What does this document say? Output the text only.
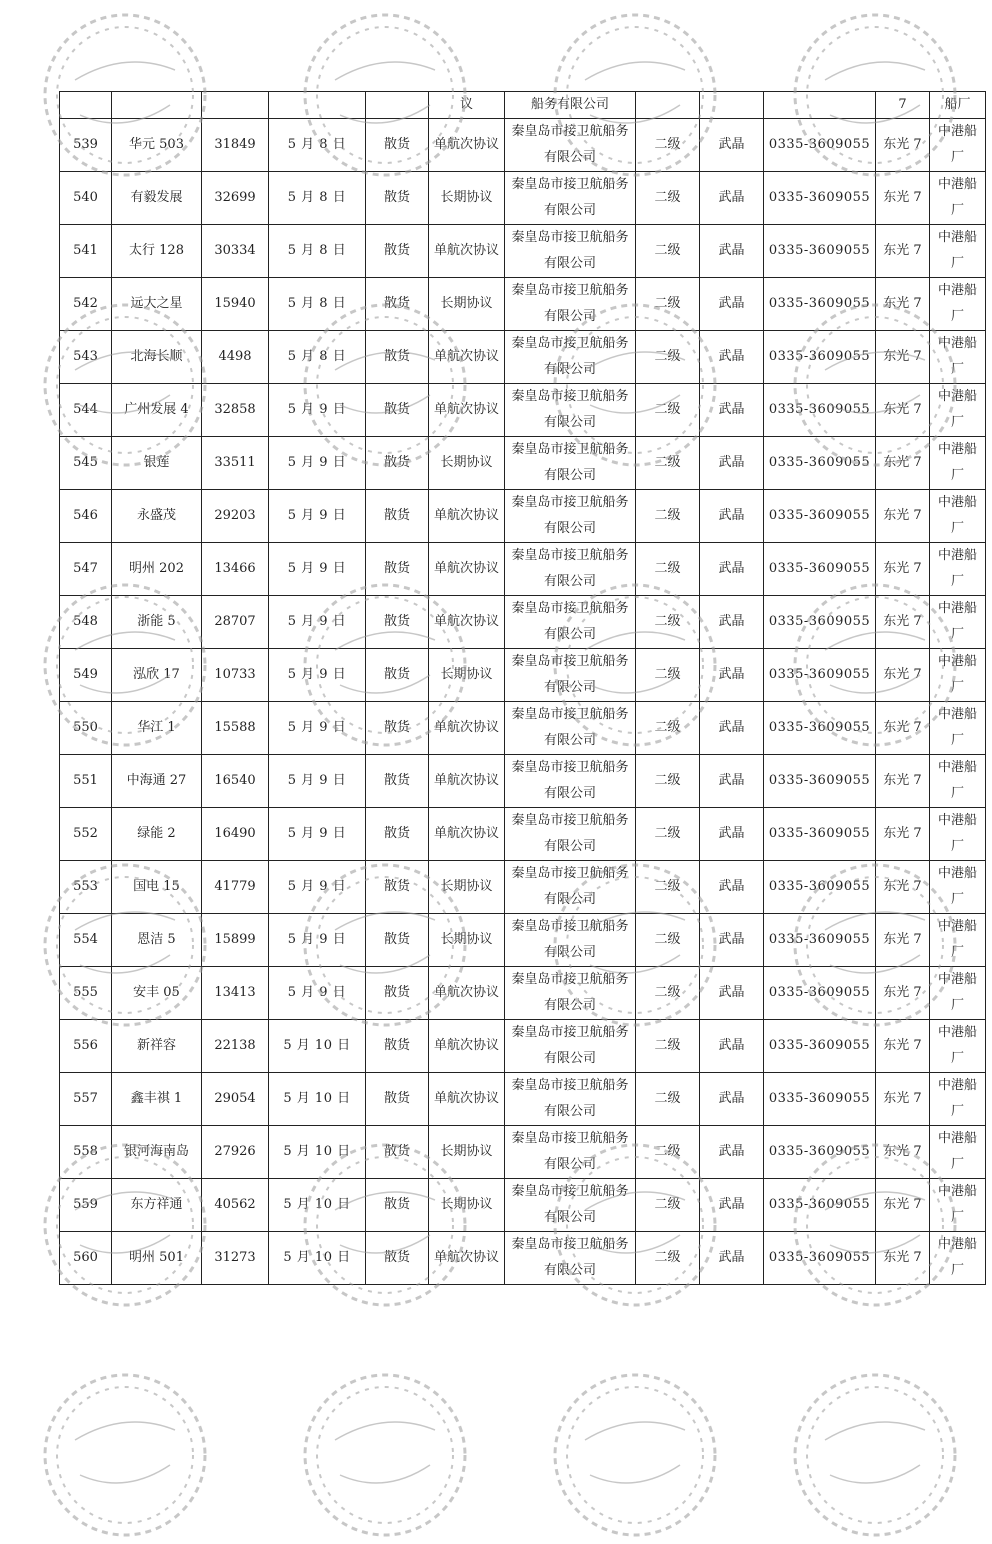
					议	船务有限公司				7	船厂
539	华元 503	31849	5 月 8 日	散货	单航次协议	秦皇岛市接卫航船务有限公司	二级	武晶	0335-3609055	东光 7	中港船厂
540	有毅发展	32699	5 月 8 日	散货	长期协议	秦皇岛市接卫航船务有限公司	二级	武晶	0335-3609055	东光 7	中港船厂
541	太行 128	30334	5 月 8 日	散货	单航次协议	秦皇岛市接卫航船务有限公司	二级	武晶	0335-3609055	东光 7	中港船厂
542	远大之星	15940	5 月 8 日	散货	长期协议	秦皇岛市接卫航船务有限公司	二级	武晶	0335-3609055	东光 7	中港船厂
543	北海长顺	4498	5 月 8 日	散货	单航次协议	秦皇岛市接卫航船务有限公司	二级	武晶	0335-3609055	东光 7	中港船厂
544	广州发展 4	32858	5 月 9 日	散货	单航次协议	秦皇岛市接卫航船务有限公司	二级	武晶	0335-3609055	东光 7	中港船厂
545	银莲	33511	5 月 9 日	散货	长期协议	秦皇岛市接卫航船务有限公司	二级	武晶	0335-3609055	东光 7	中港船厂
546	永盛茂	29203	5 月 9 日	散货	单航次协议	秦皇岛市接卫航船务有限公司	二级	武晶	0335-3609055	东光 7	中港船厂
547	明州 202	13466	5 月 9 日	散货	单航次协议	秦皇岛市接卫航船务有限公司	二级	武晶	0335-3609055	东光 7	中港船厂
548	浙能 5	28707	5 月 9 日	散货	单航次协议	秦皇岛市接卫航船务有限公司	二级	武晶	0335-3609055	东光 7	中港船厂
549	泓欣 17	10733	5 月 9 日	散货	长期协议	秦皇岛市接卫航船务有限公司	二级	武晶	0335-3609055	东光 7	中港船厂
550	华江 1	15588	5 月 9 日	散货	单航次协议	秦皇岛市接卫航船务有限公司	二级	武晶	0335-3609055	东光 7	中港船厂
551	中海通 27	16540	5 月 9 日	散货	单航次协议	秦皇岛市接卫航船务有限公司	二级	武晶	0335-3609055	东光 7	中港船厂
552	绿能 2	16490	5 月 9 日	散货	单航次协议	秦皇岛市接卫航船务有限公司	二级	武晶	0335-3609055	东光 7	中港船厂
553	国电 15	41779	5 月 9 日	散货	长期协议	秦皇岛市接卫航船务有限公司	二级	武晶	0335-3609055	东光 7	中港船厂
554	恩洁 5	15899	5 月 9 日	散货	长期协议	秦皇岛市接卫航船务有限公司	二级	武晶	0335-3609055	东光 7	中港船厂
555	安丰 05	13413	5 月 9 日	散货	单航次协议	秦皇岛市接卫航船务有限公司	二级	武晶	0335-3609055	东光 7	中港船厂
556	新祥容	22138	5 月 10 日	散货	单航次协议	秦皇岛市接卫航船务有限公司	二级	武晶	0335-3609055	东光 7	中港船厂
557	鑫丰祺 1	29054	5 月 10 日	散货	单航次协议	秦皇岛市接卫航船务有限公司	二级	武晶	0335-3609055	东光 7	中港船厂
558	银河海南岛	27926	5 月 10 日	散货	长期协议	秦皇岛市接卫航船务有限公司	二级	武晶	0335-3609055	东光 7	中港船厂
559	东方祥通	40562	5 月 10 日	散货	长期协议	秦皇岛市接卫航船务有限公司	二级	武晶	0335-3609055	东光 7	中港船厂
560	明州 501	31273	5 月 10 日	散货	单航次协议	秦皇岛市接卫航船务有限公司	二级	武晶	0335-3609055	东光 7	中港船厂
